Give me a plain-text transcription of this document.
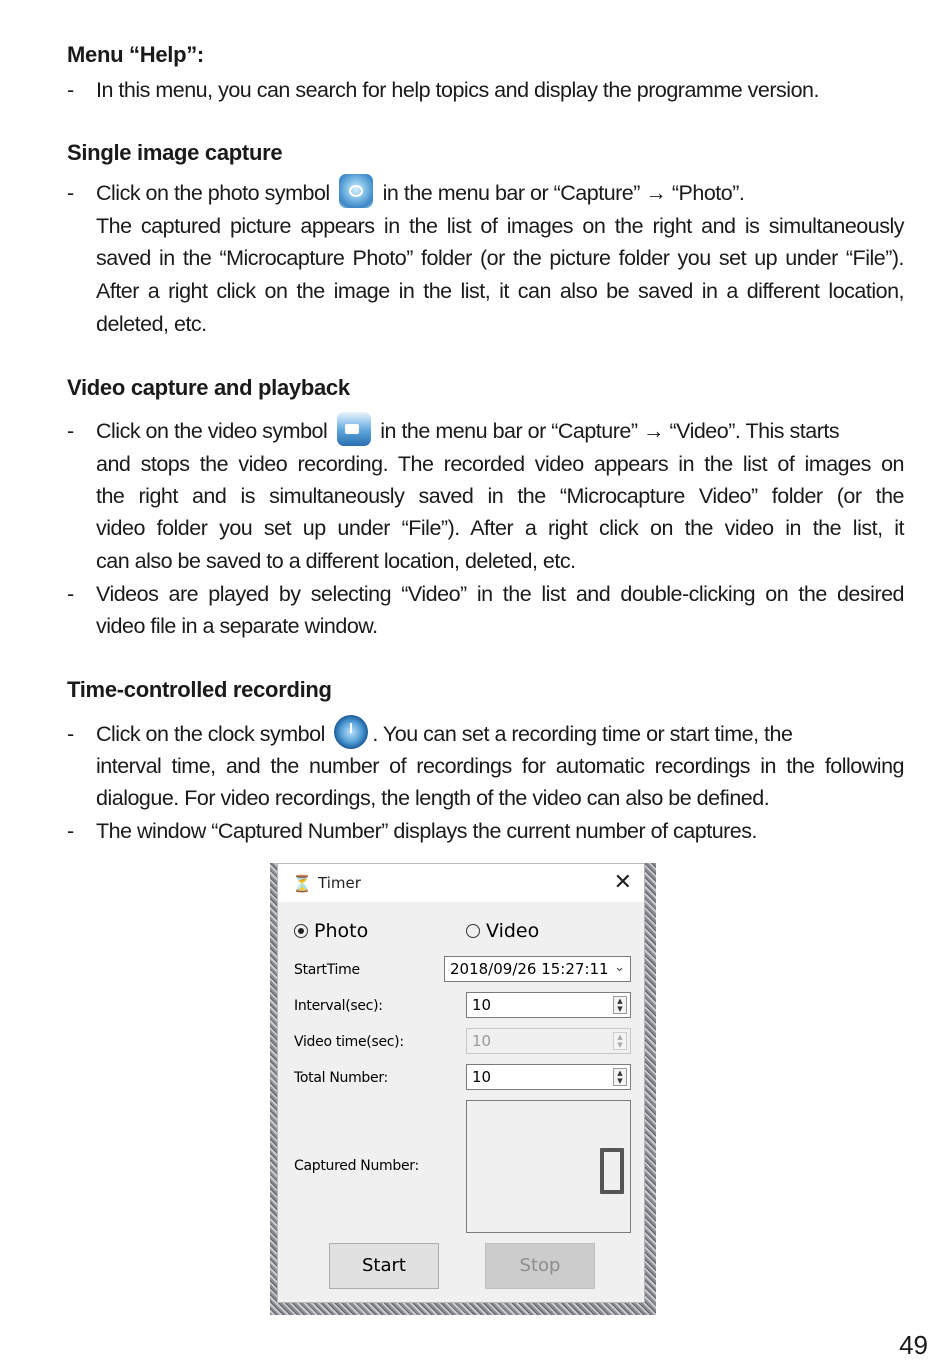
Menu “Help”:
- In this menu, you can search for help topics and display the programme version.
Single image capture
- Click on the photo symbol in the menu bar or “Capture” → “Photo”.
The captured picture appears in the list of images on the right and is simultaneously
saved in the “Microcapture Photo” folder (or the picture folder you set up under “File”).
After a right click on the image in the list, it can also be saved in a different location,
deleted, etc.
Video capture and playback
- Click on the video symbol in the menu bar or “Capture” → “Video”. This starts
and stops the video recording. The recorded video appears in the list of images on
the right and is simultaneously saved in the “Microcapture Video” folder (or the
video folder you set up under “File”). After a right click on the video in the list, it
can also be saved to a different location, deleted, etc.
- Videos are played by selecting “Video” in the list and double-clicking on the desired
video file in a separate window.
Time-controlled recording
- Click on the clock symbol . You can set a recording time or start time, the
interval time, and the number of recordings for automatic recordings in the following
dialogue. For video recordings, the length of the video can also be defined.
- The window “Captured Number” displays the current number of captures.
⏳ Timer	✕
Photo	Video
StartTime	2018/09/26 15:27:11 ⌄
Interval(sec):	10	▲
▼
Video time(sec):	10	▲
▼
Total Number:	10	▲
▼
Captured Number:
Start	Stop
49
